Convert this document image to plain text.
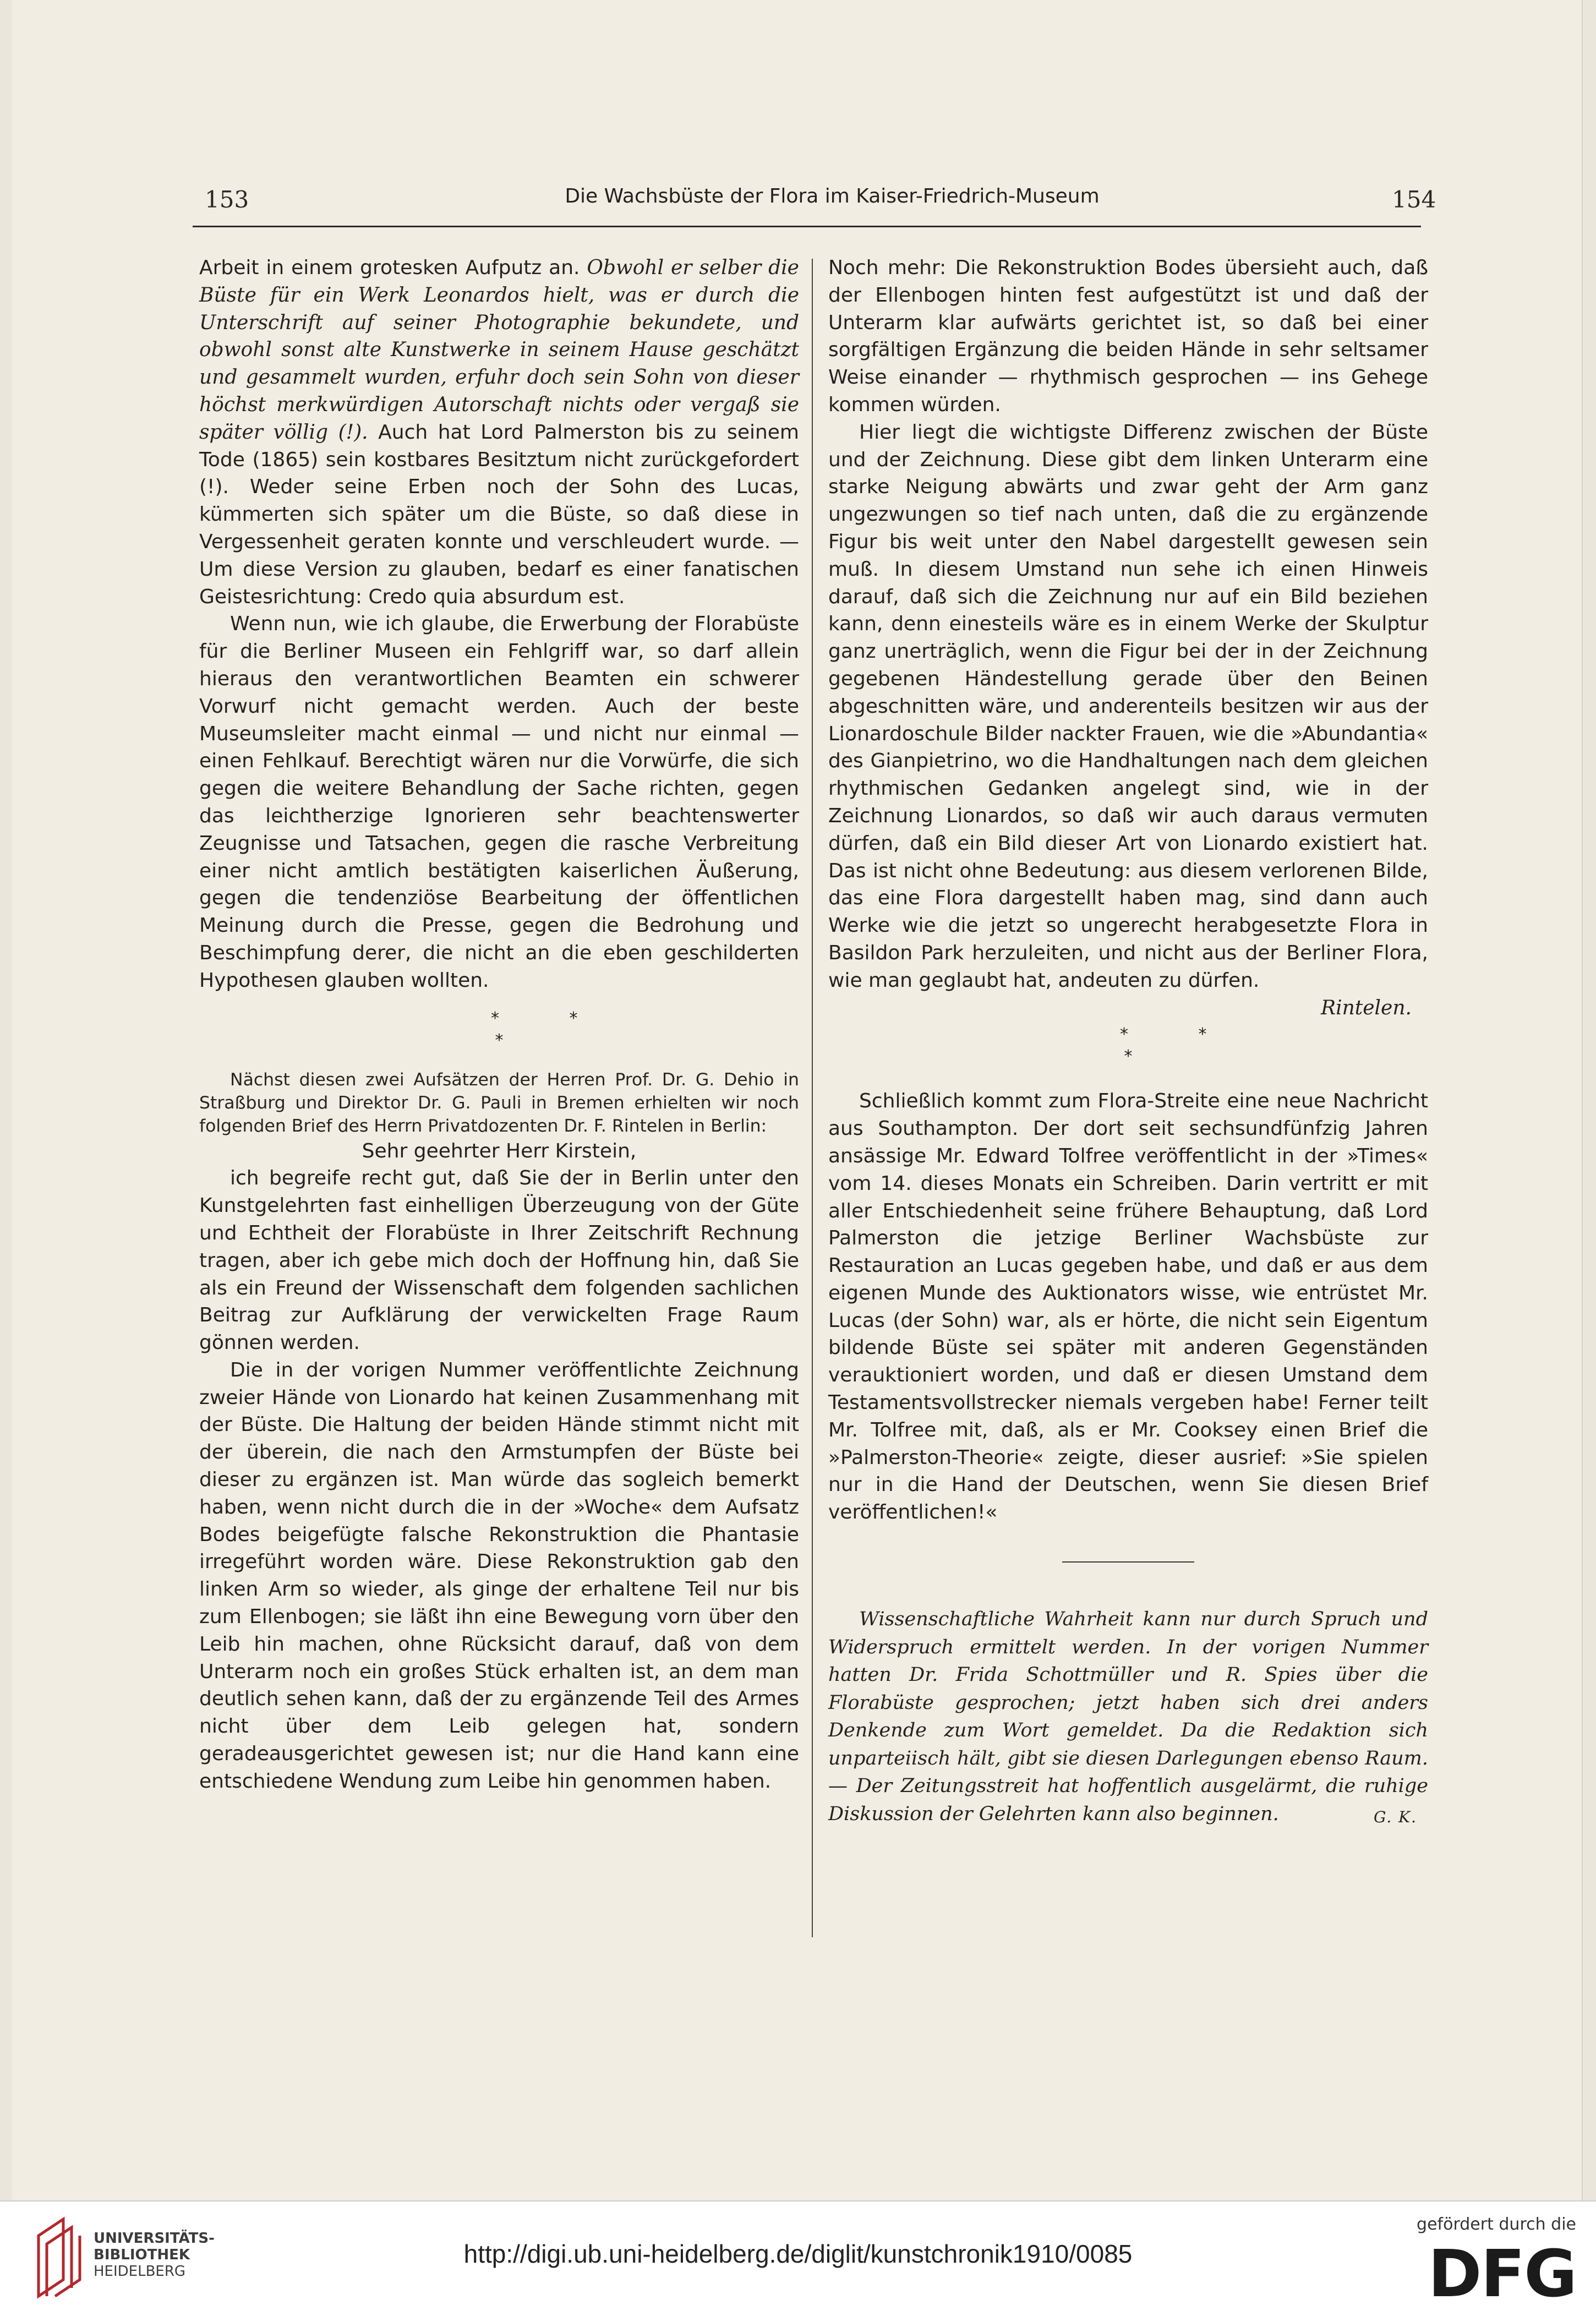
153	Die Wachsbüste der Flora im Kaiser-Friedrich-Museum	154

Arbeit in einem grotesken Aufputz an. Obwohl er selber die Büste für ein Werk Leonardos hielt, was er durch die Unterschrift auf seiner Photographie bekundete, und obwohl sonst alte Kunstwerke in seinem Hause geschätzt und gesammelt wurden, erfuhr doch sein Sohn von dieser höchst merkwürdigen Autorschaft nichts oder vergaß sie später völlig (!). Auch hat Lord Palmerston bis zu seinem Tode (1865) sein kostbares Besitztum nicht zurückgefordert (!). Weder seine Erben noch der Sohn des Lucas, kümmerten sich später um die Büste, so daß diese in Vergessenheit geraten konnte und verschleudert wurde. — Um diese Version zu glauben, bedarf es einer fanatischen Geistesrichtung: Credo quia absurdum est.

Wenn nun, wie ich glaube, die Erwerbung der Florabüste für die Berliner Museen ein Fehlgriff war, so darf allein hieraus den verantwortlichen Beamten ein schwerer Vorwurf nicht gemacht werden. Auch der beste Museumsleiter macht einmal — und nicht nur einmal — einen Fehlkauf. Berechtigt wären nur die Vorwürfe, die sich gegen die weitere Behandlung der Sache richten, gegen das leichtherzige Ignorieren sehr beachtenswerter Zeugnisse und Tatsachen, gegen die rasche Verbreitung einer nicht amtlich bestätigten kaiserlichen Äußerung, gegen die tendenziöse Bearbeitung der öffentlichen Meinung durch die Presse, gegen die Bedrohung und Beschimpfung derer, die nicht an die eben geschilderten Hypothesen glauben wollten.

*	*
*

Nächst diesen zwei Aufsätzen der Herren Prof. Dr. G. Dehio in Straßburg und Direktor Dr. G. Pauli in Bremen erhielten wir noch folgenden Brief des Herrn Privatdozenten Dr. F. Rintelen in Berlin:

Sehr geehrter Herr Kirstein,

ich begreife recht gut, daß Sie der in Berlin unter den Kunstgelehrten fast einhelligen Überzeugung von der Güte und Echtheit der Florabüste in Ihrer Zeitschrift Rechnung tragen, aber ich gebe mich doch der Hoffnung hin, daß Sie als ein Freund der Wissenschaft dem folgenden sachlichen Beitrag zur Aufklärung der verwickelten Frage Raum gönnen werden.

Die in der vorigen Nummer veröffentlichte Zeichnung zweier Hände von Lionardo hat keinen Zusammenhang mit der Büste. Die Haltung der beiden Hände stimmt nicht mit der überein, die nach den Armstumpfen der Büste bei dieser zu ergänzen ist. Man würde das sogleich bemerkt haben, wenn nicht durch die in der »Woche« dem Aufsatz Bodes beigefügte falsche Rekonstruktion die Phantasie irregeführt worden wäre. Diese Rekonstruktion gab den linken Arm so wieder, als ginge der erhaltene Teil nur bis zum Ellenbogen; sie läßt ihn eine Bewegung vorn über den Leib hin machen, ohne Rücksicht darauf, daß von dem Unterarm noch ein großes Stück erhalten ist, an dem man deutlich sehen kann, daß der zu ergänzende Teil des Armes nicht über dem Leib gelegen hat, sondern geradeausgerichtet gewesen ist; nur die Hand kann eine entschiedene Wendung zum Leibe hin genommen haben.

Noch mehr: Die Rekonstruktion Bodes übersieht auch, daß der Ellenbogen hinten fest aufgestützt ist und daß der Unterarm klar aufwärts gerichtet ist, so daß bei einer sorgfältigen Ergänzung die beiden Hände in sehr seltsamer Weise einander — rhythmisch gesprochen — ins Gehege kommen würden.

Hier liegt die wichtigste Differenz zwischen der Büste und der Zeichnung. Diese gibt dem linken Unterarm eine starke Neigung abwärts und zwar geht der Arm ganz ungezwungen so tief nach unten, daß die zu ergänzende Figur bis weit unter den Nabel dargestellt gewesen sein muß. In diesem Umstand nun sehe ich einen Hinweis darauf, daß sich die Zeichnung nur auf ein Bild beziehen kann, denn einesteils wäre es in einem Werke der Skulptur ganz unerträglich, wenn die Figur bei der in der Zeichnung gegebenen Händestellung gerade über den Beinen abgeschnitten wäre, und anderenteils besitzen wir aus der Lionardoschule Bilder nackter Frauen, wie die »Abundantia« des Gianpietrino, wo die Handhaltungen nach dem gleichen rhythmischen Gedanken angelegt sind, wie in der Zeichnung Lionardos, so daß wir auch daraus vermuten dürfen, daß ein Bild dieser Art von Lionardo existiert hat. Das ist nicht ohne Bedeutung: aus diesem verlorenen Bilde, das eine Flora dargestellt haben mag, sind dann auch Werke wie die jetzt so ungerecht herabgesetzte Flora in Basildon Park herzuleiten, und nicht aus der Berliner Flora, wie man geglaubt hat, andeuten zu dürfen.

Rintelen.

*	*
*

Schließlich kommt zum Flora-Streite eine neue Nachricht aus Southampton. Der dort seit sechsundfünfzig Jahren ansässige Mr. Edward Tolfree veröffentlicht in der »Times« vom 14. dieses Monats ein Schreiben. Darin vertritt er mit aller Entschiedenheit seine frühere Behauptung, daß Lord Palmerston die jetzige Berliner Wachsbüste zur Restauration an Lucas gegeben habe, und daß er aus dem eigenen Munde des Auktionators wisse, wie entrüstet Mr. Lucas (der Sohn) war, als er hörte, die nicht sein Eigentum bildende Büste sei später mit anderen Gegenständen verauktioniert worden, und daß er diesen Umstand dem Testamentsvollstrecker niemals vergeben habe! Ferner teilt Mr. Tolfree mit, daß, als er Mr. Cooksey einen Brief die »Palmerston-Theorie« zeigte, dieser ausrief: »Sie spielen nur in die Hand der Deutschen, wenn Sie diesen Brief veröffentlichen!«

Wissenschaftliche Wahrheit kann nur durch Spruch und Widerspruch ermittelt werden. In der vorigen Nummer hatten Dr. Frida Schottmüller und R. Spies über die Florabüste gesprochen; jetzt haben sich drei anders Denkende zum Wort gemeldet. Da die Redaktion sich unparteiisch hält, gibt sie diesen Darlegungen ebenso Raum. — Der Zeitungsstreit hat hoffentlich ausgelärmt, die ruhige Diskussion der Gelehrten kann also beginnen.	G. K.

UNIVERSITÄTS-
BIBLIOTHEK
HEIDELBERG
http://digi.ub.uni-heidelberg.de/diglit/kunstchronik1910/0085
gefördert durch die
DFG
